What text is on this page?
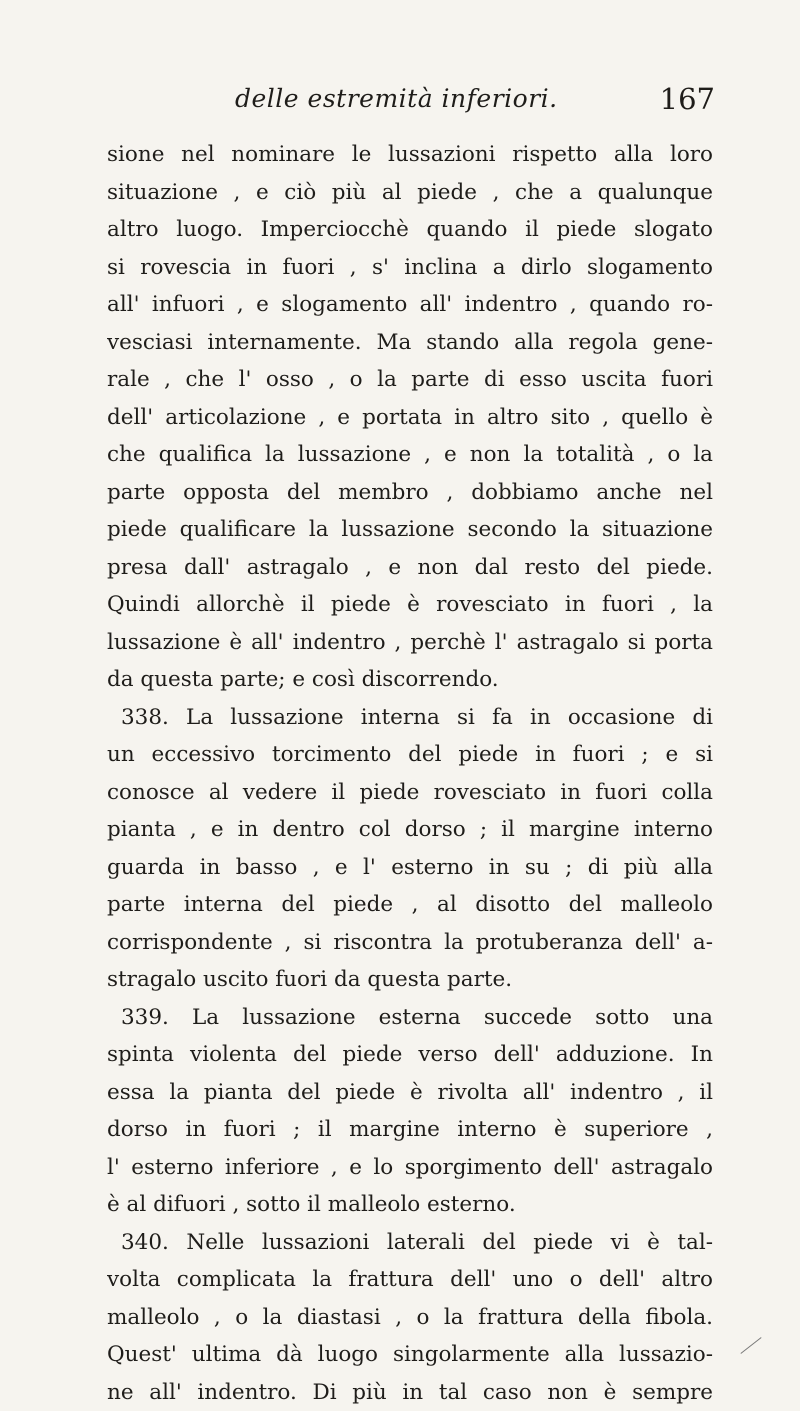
delle estremità inferiori.	167
sione nel nominare le lussazioni rispetto alla loro
situazione , e ciò più al piede , che a qualunque
altro luogo. Imperciocchè quando il piede slogato
si rovescia in fuori , s' inclina a dirlo slogamento
all' infuori , e slogamento all' indentro , quando ro-
vesciasi internamente. Ma stando alla regola gene-
rale , che l' osso , o la parte di esso uscita fuori
dell' articolazione , e portata in altro sito , quello è
che qualifica la lussazione , e non la totalità , o la
parte opposta del membro , dobbiamo anche nel
piede qualificare la lussazione secondo la situazione
presa dall' astragalo , e non dal resto del piede.
Quindi allorchè il piede è rovesciato in fuori , la
lussazione è all' indentro , perchè l' astragalo si porta
da questa parte; e così discorrendo.
338. La lussazione interna si fa in occasione di
un eccessivo torcimento del piede in fuori ; e si
conosce al vedere il piede rovesciato in fuori colla
pianta , e in dentro col dorso ; il margine interno
guarda in basso , e l' esterno in su ; di più alla
parte interna del piede , al disotto del malleolo
corrispondente , si riscontra la protuberanza dell' a-
stragalo uscito fuori da questa parte.
339. La lussazione esterna succede sotto una
spinta violenta del piede verso dell' adduzione. In
essa la pianta del piede è rivolta all' indentro , il
dorso in fuori ; il margine interno è superiore ,
l' esterno inferiore , e lo sporgimento dell' astragalo
è al difuori , sotto il malleolo esterno.
340. Nelle lussazioni laterali del piede vi è tal-
volta complicata la frattura dell' uno o dell' altro
malleolo , o la diastasi , o la frattura della fibola.
Quest' ultima dà luogo singolarmente alla lussazio-
ne all' indentro. Di più in tal caso non è sempre
